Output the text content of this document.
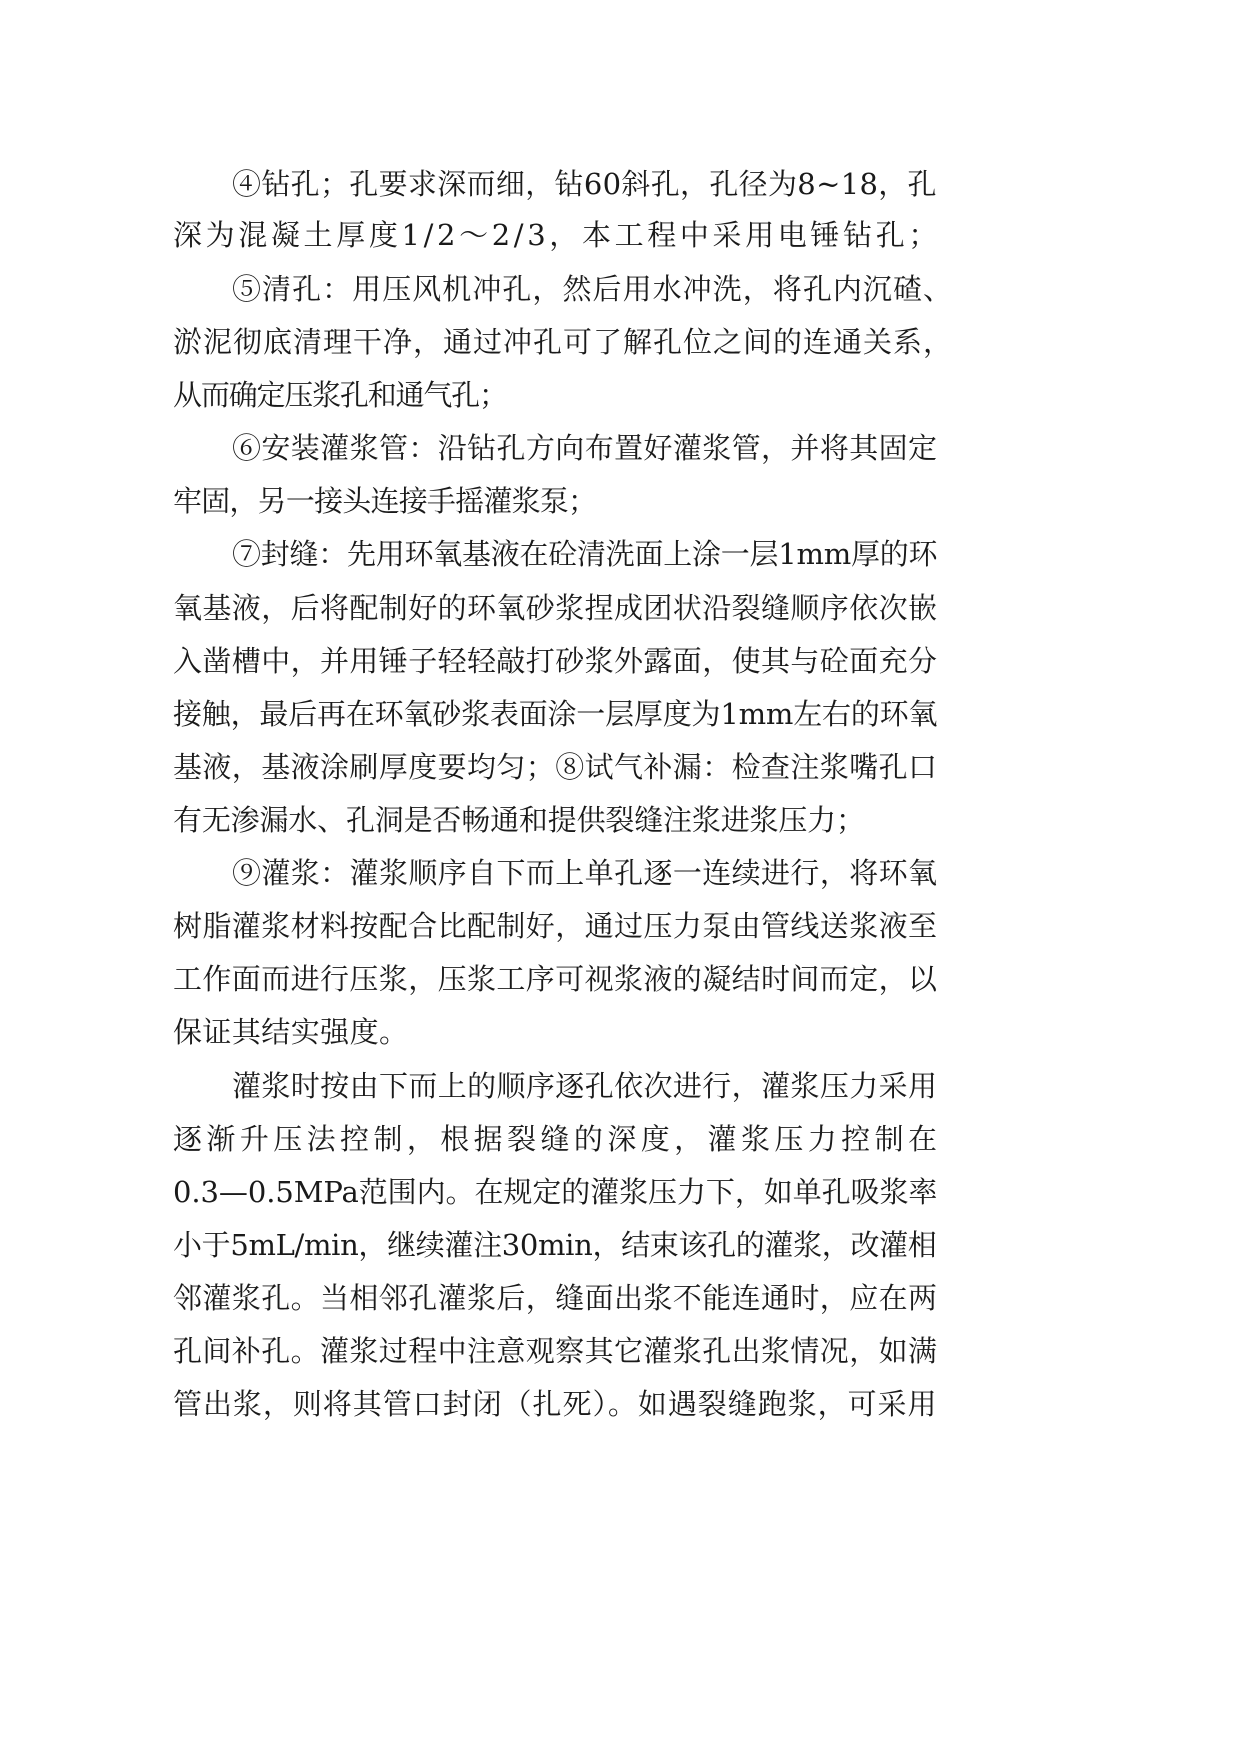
④钻孔；孔要求深而细，钻60斜孔，孔径为8~18，孔
深为混凝土厚度1/2～2/3，本工程中采用电锤钻孔；
⑤清孔：用压风机冲孔，然后用水冲洗，将孔内沉碴、
淤泥彻底清理干净，通过冲孔可了解孔位之间的连通关系，
从而确定压浆孔和通气孔；
⑥安装灌浆管：沿钻孔方向布置好灌浆管，并将其固定
牢固，另一接头连接手摇灌浆泵；
⑦封缝：先用环氧基液在砼清洗面上涂一层1mm厚的环
氧基液，后将配制好的环氧砂浆捏成团状沿裂缝顺序依次嵌
入凿槽中，并用锤子轻轻敲打砂浆外露面，使其与砼面充分
接触，最后再在环氧砂浆表面涂一层厚度为1mm左右的环氧
基液，基液涂刷厚度要均匀；⑧试气补漏：检查注浆嘴孔口
有无渗漏水、孔洞是否畅通和提供裂缝注浆进浆压力；
⑨灌浆：灌浆顺序自下而上单孔逐一连续进行，将环氧
树脂灌浆材料按配合比配制好，通过压力泵由管线送浆液至
工作面而进行压浆，压浆工序可视浆液的凝结时间而定，以
保证其结实强度。
灌浆时按由下而上的顺序逐孔依次进行，灌浆压力采用
逐渐升压法控制，根据裂缝的深度，灌浆压力控制在
0.3—0.5MPa范围内。在规定的灌浆压力下，如单孔吸浆率
小于5mL/min，继续灌注30min，结束该孔的灌浆，改灌相
邻灌浆孔。当相邻孔灌浆后，缝面出浆不能连通时，应在两
孔间补孔。灌浆过程中注意观察其它灌浆孔出浆情况，如满
管出浆，则将其管口封闭（扎死）。如遇裂缝跑浆，可采用
